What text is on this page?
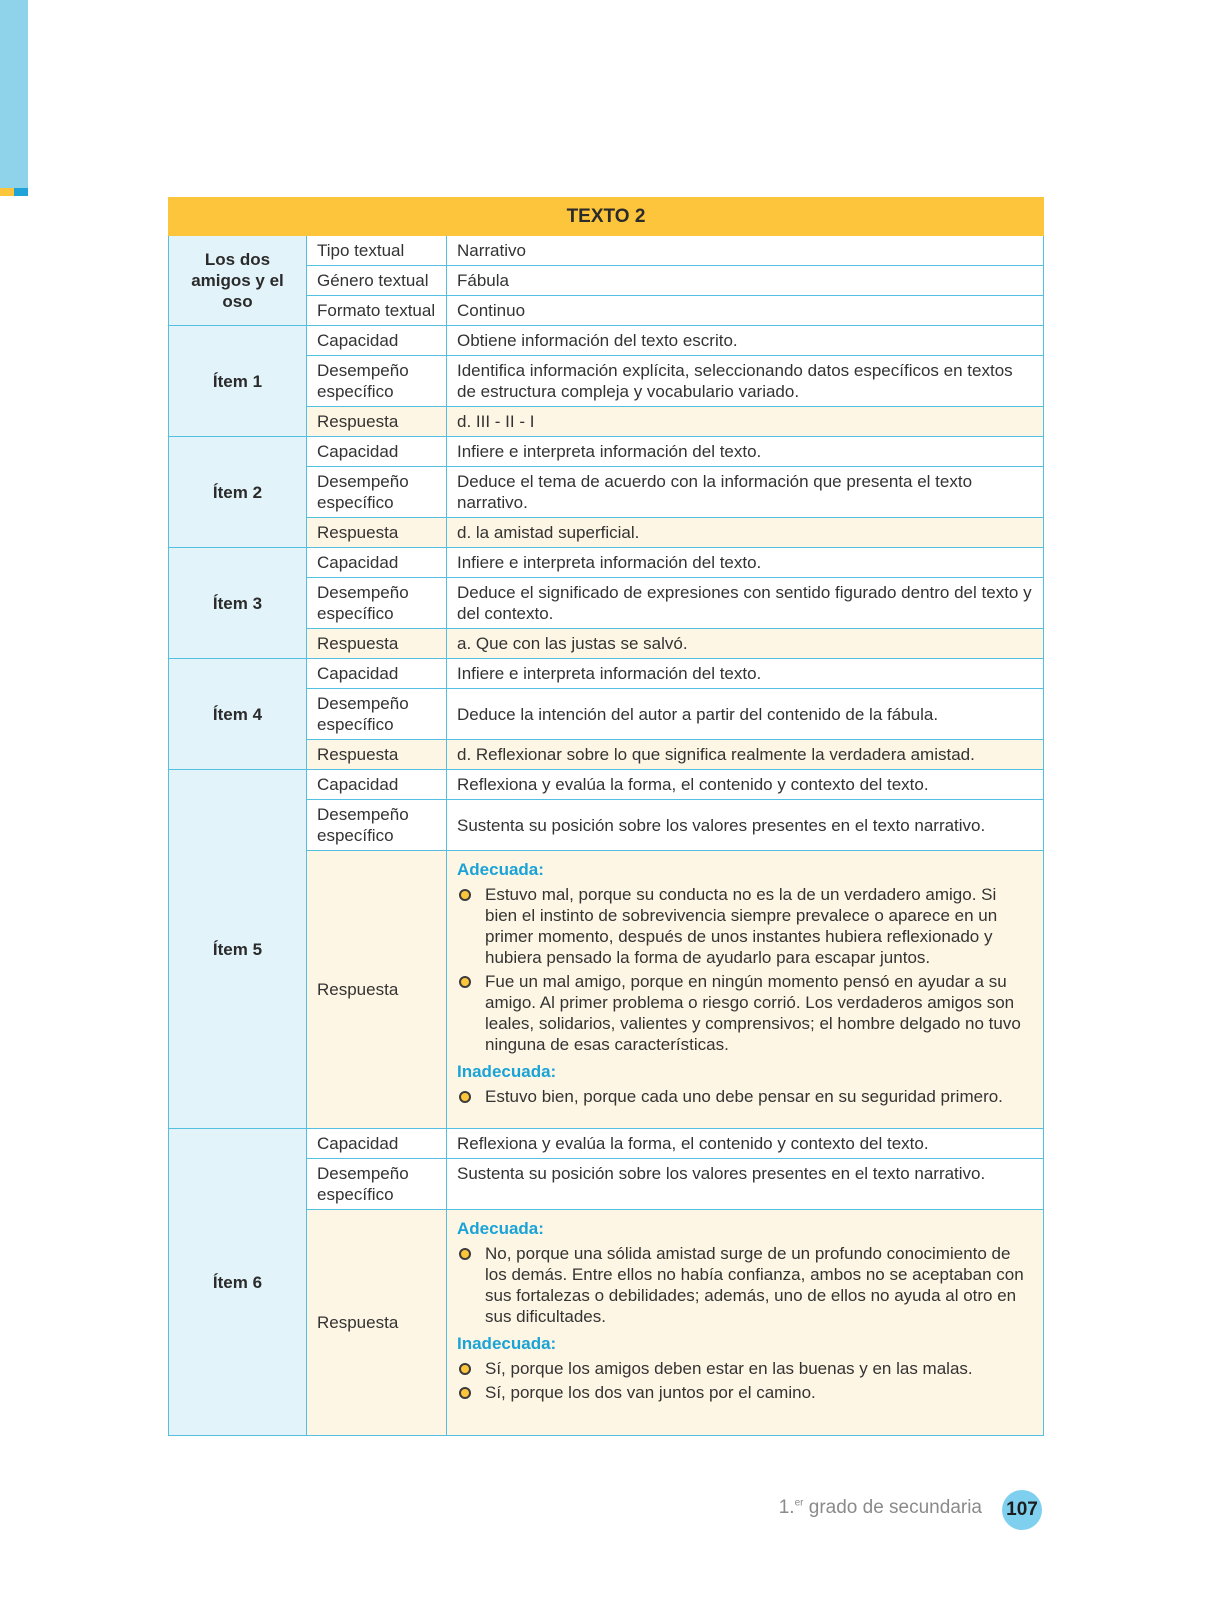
TEXTO 2		
Los dos amigos y el oso	Tipo textual	Narrativo
	Género textual	Fábula
	Formato textual	Continuo
Ítem 1	Capacidad	Obtiene información del texto escrito.
	Desempeño específico	Identifica información explícita, seleccionando datos específicos en textos de estructura compleja y vocabulario variado.
	Respuesta	d. III - II - I
Ítem 2	Capacidad	Infiere e interpreta información del texto.
	Desempeño específico	Deduce el tema de acuerdo con la información que presenta el texto narrativo.
	Respuesta	d. la amistad superficial.
Ítem 3	Capacidad	Infiere e interpreta información del texto.
	Desempeño específico	Deduce el significado de expresiones con sentido figurado dentro del texto y del contexto.
	Respuesta	a. Que con las justas se salvó.
Ítem 4	Capacidad	Infiere e interpreta información del texto.
	Desempeño específico	Deduce la intención del autor a partir del contenido de la fábula.
	Respuesta	d. Reflexionar sobre lo que significa realmente la verdadera amistad.
Ítem 5	Capacidad	Reflexiona y evalúa la forma, el contenido y contexto del texto.
	Desempeño específico	Sustenta su posición sobre los valores presentes en el texto narrativo.
	Respuesta	Adecuada:
Estuvo mal, porque su conducta no es la de un verdadero amigo. Si bien el instinto de sobrevivencia siempre prevalece o aparece en un primer momento, después de unos instantes hubiera reflexionado y hubiera pensado la forma de ayudarlo para escapar juntos.
Fue un mal amigo, porque en ningún momento pensó en ayudar a su amigo. Al primer problema o riesgo corrió. Los verdaderos amigos son leales, solidarios, valientes y comprensivos; el hombre delgado no tuvo ninguna de esas características.
Inadecuada:
Estuvo bien, porque cada uno debe pensar en su seguridad primero.

Ítem 6	Capacidad	Reflexiona y evalúa la forma, el contenido y contexto del texto.
	Desempeño específico	Sustenta su posición sobre los valores presentes en el texto narrativo.
	Respuesta	Adecuada:
No, porque una sólida amistad surge de un profundo conocimiento de los demás. Entre ellos no había confianza, ambos no se aceptaban con sus fortalezas o debilidades; además, uno de ellos no ayuda al otro en sus dificultades.
Inadecuada:
Sí, porque los amigos deben estar en las buenas y en las malas.
Sí, porque los dos van juntos por el camino.
1.$^{er}$ grado de secundaria 107
